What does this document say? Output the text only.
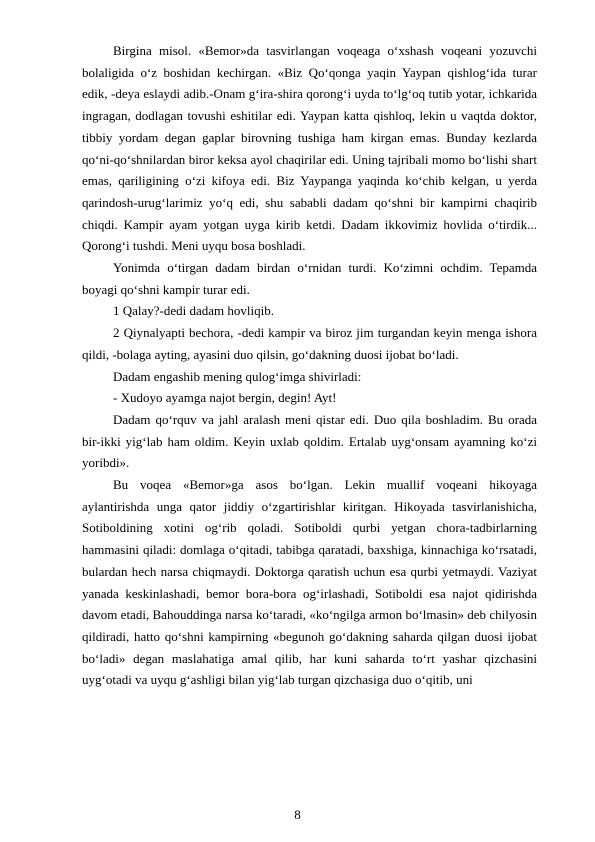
Birgina misol. «Bemor»da tasvirlangan voqeaga o‘xshash voqeani yozuvchi bolaligida o‘z boshidan kechirgan. «Biz Qo‘qonga yaqin Yaypan qishlog‘ida turar edik, -deya eslaydi adib.-Onam g‘ira-shira qorong‘i uyda to‘lg‘oq tutib yotar, ichkarida ingragan, dodlagan tovushi eshitilar edi. Yaypan katta qishloq, lekin u vaqtda doktor, tibbiy yordam degan gaplar birovning tushiga ham kirgan emas. Bunday kezlarda qo‘ni-qo‘shnilardan biror keksa ayol chaqirilar edi. Uning tajribali momo bo‘lishi shart emas, qariligining o‘zi kifoya edi. Biz Yaypanga yaqinda ko‘chib kelgan, u yerda qarindosh-urug‘larimiz yo‘q edi, shu sababli dadam qo‘shni bir kampirni chaqirib chiqdi. Kampir ayam yotgan uyga kirib ketdi. Dadam ikkovimiz hovlida o‘tirdik... Qorong‘i tushdi. Meni uyqu bosa boshladi.

Yonimda o‘tirgan dadam birdan o‘rnidan turdi. Ko‘zimni ochdim. Tepamda boyagi qo‘shni kampir turar edi.

1 Qalay?-dedi dadam hovliqib.

2 Qiynalyapti bechora, -dedi kampir va biroz jim turgandan keyin menga ishora qildi, -bolaga ayting, ayasini duo qilsin, go‘dakning duosi ijobat bo‘ladi.

Dadam engashib mening qulog‘imga shivirladi:

- Xudoyo ayamga najot bergin, degin! Ayt!

Dadam qo‘rquv va jahl aralash meni qistar edi. Duo qila boshladim. Bu orada bir-ikki yig‘lab ham oldim. Keyin uxlab qoldim. Ertalab uyg‘onsam ayamning ko‘zi yoribdi».

Bu voqea «Bemor»ga asos bo‘lgan. Lekin muallif voqeani hikoyaga aylantirishda unga qator jiddiy o‘zgartirishlar kiritgan. Hikoyada tasvirlanishicha, Sotiboldining xotini og‘rib qoladi. Sotiboldi qurbi yetgan chora-tadbirlarning hammasini qiladi: domlaga o‘qitadi, tabibga qaratadi, baxshiga, kinnachiga ko‘rsatadi, bulardan hech narsa chiqmaydi. Doktorga qaratish uchun esa qurbi yetmaydi. Vaziyat yanada keskinlashadi, bemor bora-bora og‘irlashadi, Sotiboldi esa najot qidirishda davom etadi, Bahouddinga narsa ko‘taradi, «ko‘ngilga armon bo‘lmasin» deb chilyosin qildiradi, hatto qo‘shni kampirning «begunoh go‘dakning saharda qilgan duosi ijobat bo‘ladi» degan maslahatiga amal qilib, har kuni saharda to‘rt yashar qizchasini uyg‘otadi va uyqu g‘ashligi bilan yig‘lab turgan qizchasiga duo o‘qitib, uni

8
